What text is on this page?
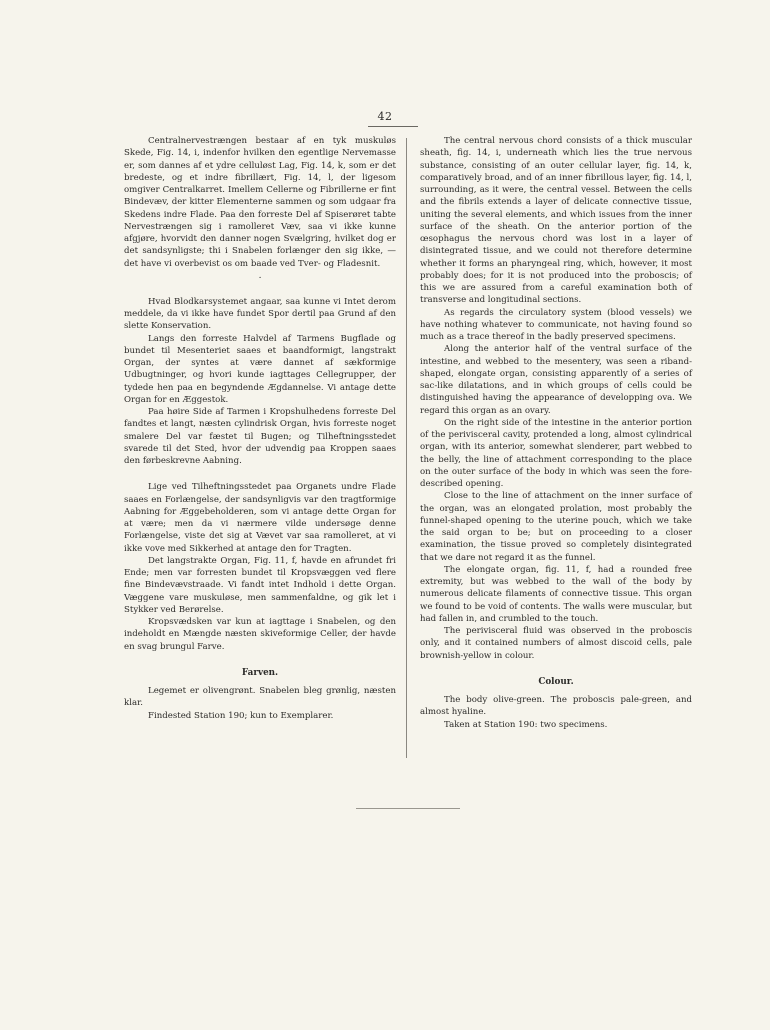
42

Centralnervestrængen bestaar af en tyk muskuløs Skede, Fig. 14, i, indenfor hvilken den egentlige Nervemasse er, som dannes af et ydre celluløst Lag, Fig. 14, k, som er det bredeste, og et indre fibrillært, Fig. 14, l, der ligesom omgiver Centralkarret. Imellem Cellerne og Fibrillerne er fint Bindevæv, der kitter Elementerne sammen og som udgaar fra Skedens indre Flade. Paa den forreste Del af Spiserøret tabte Nervestrængen sig i ramolleret Væv, saa vi ikke kunne afgjøre, hvorvidt den danner nogen Svælgring, hvilket dog er det sandsynligste; thi i Snabelen forlænger den sig ikke, — det have vi overbevist os om baade ved Tver- og Fladesnit.

.

Hvad Blodkarsystemet angaar, saa kunne vi Intet derom meddele, da vi ikke have fundet Spor dertil paa Grund af den slette Konservation.

Langs den forreste Halvdel af Tarmens Bugflade og bundet til Mesenteriet saaes et baandformigt, langstrakt Organ, der syntes at være dannet af sækformige Udbugtninger, og hvori kunde iagttages Cellegrupper, der tydede hen paa en begyndende Ægdannelse. Vi antage dette Organ for en Æggestok.

Paa høire Side af Tarmen i Kropshulhedens forreste Del fandtes et langt, næsten cylindrisk Organ, hvis forreste noget smalere Del var fæstet til Bugen; og Tilheftningsstedet svarede til det Sted, hvor der udvendig paa Kroppen saaes den førbeskrevne Aabning.

Lige ved Tilheftningsstedet paa Organets undre Flade saaes en Forlængelse, der sandsynligvis var den tragtformige Aabning for Æggebeholderen, som vi antage dette Organ for at være; men da vi nærmere vilde undersøge denne Forlængelse, viste det sig at Vævet var saa ramolleret, at vi ikke vove med Sikkerhed at antage den for Tragten.

Det langstrakte Organ, Fig. 11, f, havde en afrundet fri Ende; men var forresten bundet til Kropsvæggen ved flere fine Bindevævstraade. Vi fandt intet Indhold i dette Organ. Væggene vare muskuløse, men sammenfaldne, og gik let i Stykker ved Berørelse.

Kropsvædsken var kun at iagttage i Snabelen, og den indeholdt en Mængde næsten skiveformige Celler, der havde en svag brungul Farve.

Farven.

Legemet er olivengrønt. Snabelen bleg grønlig, næsten klar.

Findested Station 190; kun to Exemplarer.

The central nervous chord consists of a thick muscular sheath, fig. 14, i, underneath which lies the true nervous substance, consisting of an outer cellular layer, fig. 14, k, comparatively broad, and of an inner fibrillous layer, fig. 14, l, surrounding, as it were, the central vessel. Between the cells and the fibrils extends a layer of delicate connective tissue, uniting the several elements, and which issues from the inner surface of the sheath. On the anterior portion of the œsophagus the nervous chord was lost in a layer of disintegrated tissue, and we could not therefore determine whether it forms an pharyngeal ring, which, however, it most probably does; for it is not produced into the proboscis; of this we are assured from a careful examination both of transverse and longitudinal sections.

As regards the circulatory system (blood vessels) we have nothing whatever to communicate, not having found so much as a trace thereof in the badly preserved specimens.

Along the anterior half of the ventral surface of the intestine, and webbed to the mesentery, was seen a riband-shaped, elongate organ, consisting apparently of a series of sac-like dilatations, and in which groups of cells could be distinguished having the appearance of developping ova. We regard this organ as an ovary.

On the right side of the intestine in the anterior portion of the perivisceral cavity, protended a long, almost cylindrical organ, with its anterior, somewhat slenderer, part webbed to the belly, the line of attachment corresponding to the place on the outer surface of the body in which was seen the fore-described opening.

Close to the line of attachment on the inner surface of the organ, was an elongated prolation, most probably the funnel-shaped opening to the uterine pouch, which we take the said organ to be; but on proceeding to a closer examination, the tissue proved so completely disintegrated that we dare not regard it as the funnel.

The elongate organ, fig. 11, f, had a rounded free extremity, but was webbed to the wall of the body by numerous delicate filaments of connective tissue. This organ we found to be void of contents. The walls were muscular, but had fallen in, and crumbled to the touch.

The perivisceral fluid was observed in the proboscis only, and it contained numbers of almost discoid cells, pale brownish-yellow in colour.

Colour.

The body olive-green. The proboscis pale-green, and almost hyaline.

Taken at Station 190: two specimens.
